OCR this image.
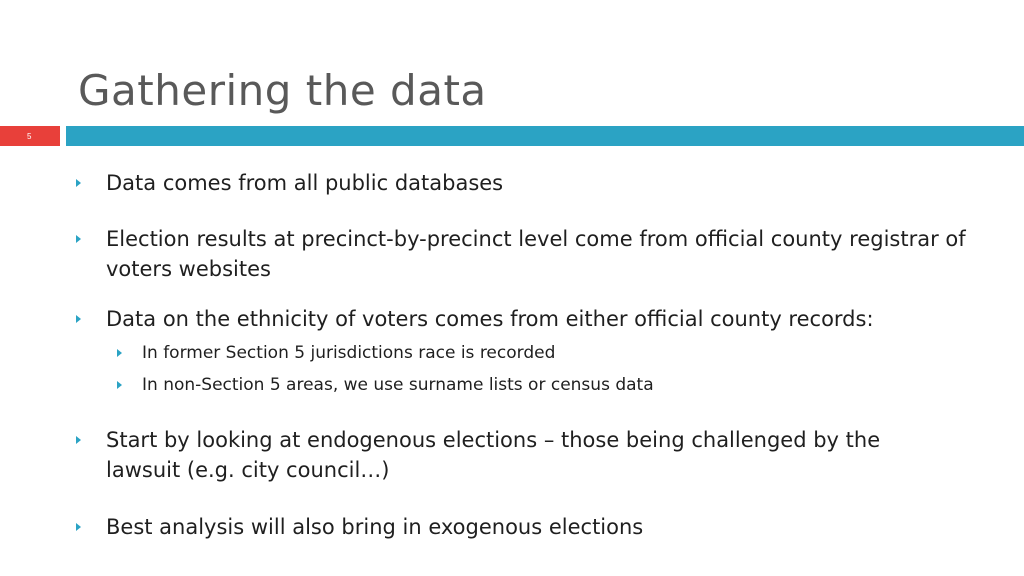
Gathering the data
5
Data comes from all public databases
Election results at precinct-by-precinct level come from official county registrar of voters websites
Data on the ethnicity of voters comes from either official county records:
In former Section 5 jurisdictions race is recorded
In non-Section 5 areas, we use surname lists or census data
Start by looking at endogenous elections – those being challenged by the lawsuit (e.g. city council…)
Best analysis will also bring in exogenous elections
